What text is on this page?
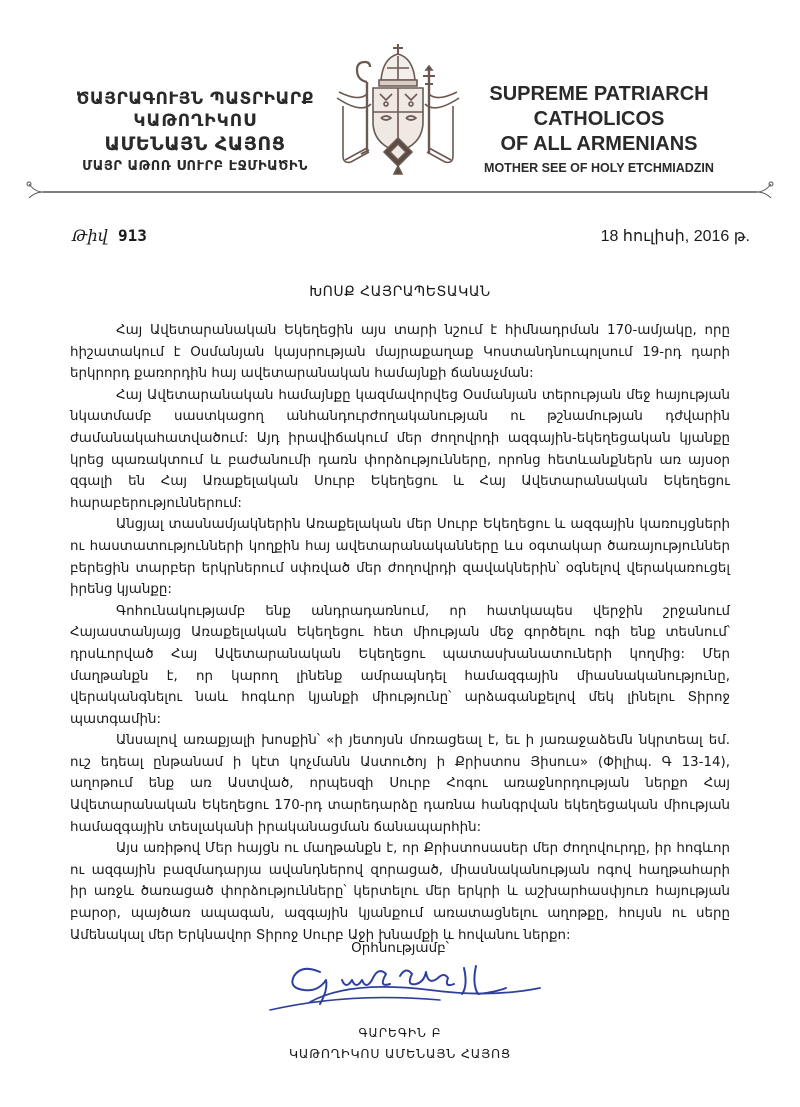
ԾԱՅՐԱԳՈՒՅՆ ՊԱՏՐԻԱՐՔ
ԿԱԹՈՂԻԿՈՍ
ԱՄԵՆԱՅՆ ՀԱՅՈՑ
ՄԱՅՐ ԱԹՈՌ ՍՈՒՐԲ ԷՋՄԻԱԾԻՆ
SUPREME PATRIARCH
CATHOLICOS
OF ALL ARMENIANS
MOTHER SEE OF HOLY ETCHMIADZIN
Թիվ 913	18 հուլիսի, 2016 թ.
ԽՈՍՔ ՀԱՅՐԱՊԵՏԱԿԱՆ

Հայ Ավետարանական Եկեղեցին այս տարի նշում է հիմնադրման 170-ամյակը, որը հիշատակում է Օսմանյան կայսրության մայրաքաղաք Կոստանդնուպոլսում 19-րդ դարի երկրորդ քառորդին հայ ավետարանական համայնքի ճանաչման:

Հայ Ավետարանական համայնքը կազմավորվեց Օսմանյան տերության մեջ հայության նկատմամբ սաստկացող անհանդուրժողականության ու թշնամության դժվարին ժամանակահատվածում: Այդ իրավիճակում մեր ժողովրդի ազգային-եկեղեցական կյանքը կրեց պառակտում և բաժանումի դառն փորձությունները, որոնց հետևանքներն առ այսօր զգալի են Հայ Առաքելական Սուրբ Եկեղեցու և Հայ Ավետարանական Եկեղեցու հարաբերություններում:

Անցյալ տասնամյակներին Առաքելական մեր Սուրբ Եկեղեցու և ազգային կառույցների ու հաստատությունների կողքին հայ ավետարանականները ևս օգտակար ծառայություններ բերեցին տարբեր երկրներում սփռված մեր ժողովրդի զավակներին՝ օգնելով վերակառուցել իրենց կյանքը:

Գոհունակությամբ ենք անդրադառնում, որ հատկապես վերջին շրջանում Հայաստանյայց Առաքելական Եկեղեցու հետ միության մեջ գործելու ոգի ենք տեսնում՝ դրսևորված Հայ Ավետարանական Եկեղեցու պատասխանատուների կողմից: Մեր մաղթանքն է, որ կարող լինենք ամրապնդել համազգային միասնականությունը, վերականգնելու նաև հոգևոր կյանքի միությունը՝ արձագանքելով մեկ լինելու Տիրոջ պատգամին:

Անսալով առաքյալի խոսքին՝ «ի յետոյսն մոռացեալ է, եւ ի յառաջաձեմն նկրտեալ եմ. ուշ եդեալ ընթանամ ի կէտ կոչմանն Աստուծոյ ի Քրիստոս Յիսուս» (Փիլիպ. Գ 13-14), աղոթում ենք առ Աստված, որպեսզի Սուրբ Հոգու առաջնորդության ներքո Հայ Ավետարանական Եկեղեցու 170-րդ տարեդարձը դառնա հանգրվան եկեղեցական միության համազգային տեսլականի իրականացման ճանապարհին:

Այս առիթով Մեր հայցն ու մաղթանքն է, որ Քրիստոսասեր մեր ժողովուրդը, իր հոգևոր ու ազգային բազմադարյա ավանդներով զորացած, միասնականության ոգով հաղթահարի իր առջև ծառացած փորձությունները՝ կերտելու մեր երկրի և աշխարհասփյուռ հայության բարօր, պայծառ ապագան, ազգային կյանքում առատացնելու աղոթքը, հույսն ու սերը Ամենակալ մեր Երկնավոր Տիրոջ Սուրբ Աջի խնամքի և հովանու ներքո:

Օրհնությամբ՝
ԳԱՐԵԳԻՆ Բ
ԿԱԹՈՂԻԿՈՍ ԱՄԵՆԱՅՆ ՀԱՅՈՑ
